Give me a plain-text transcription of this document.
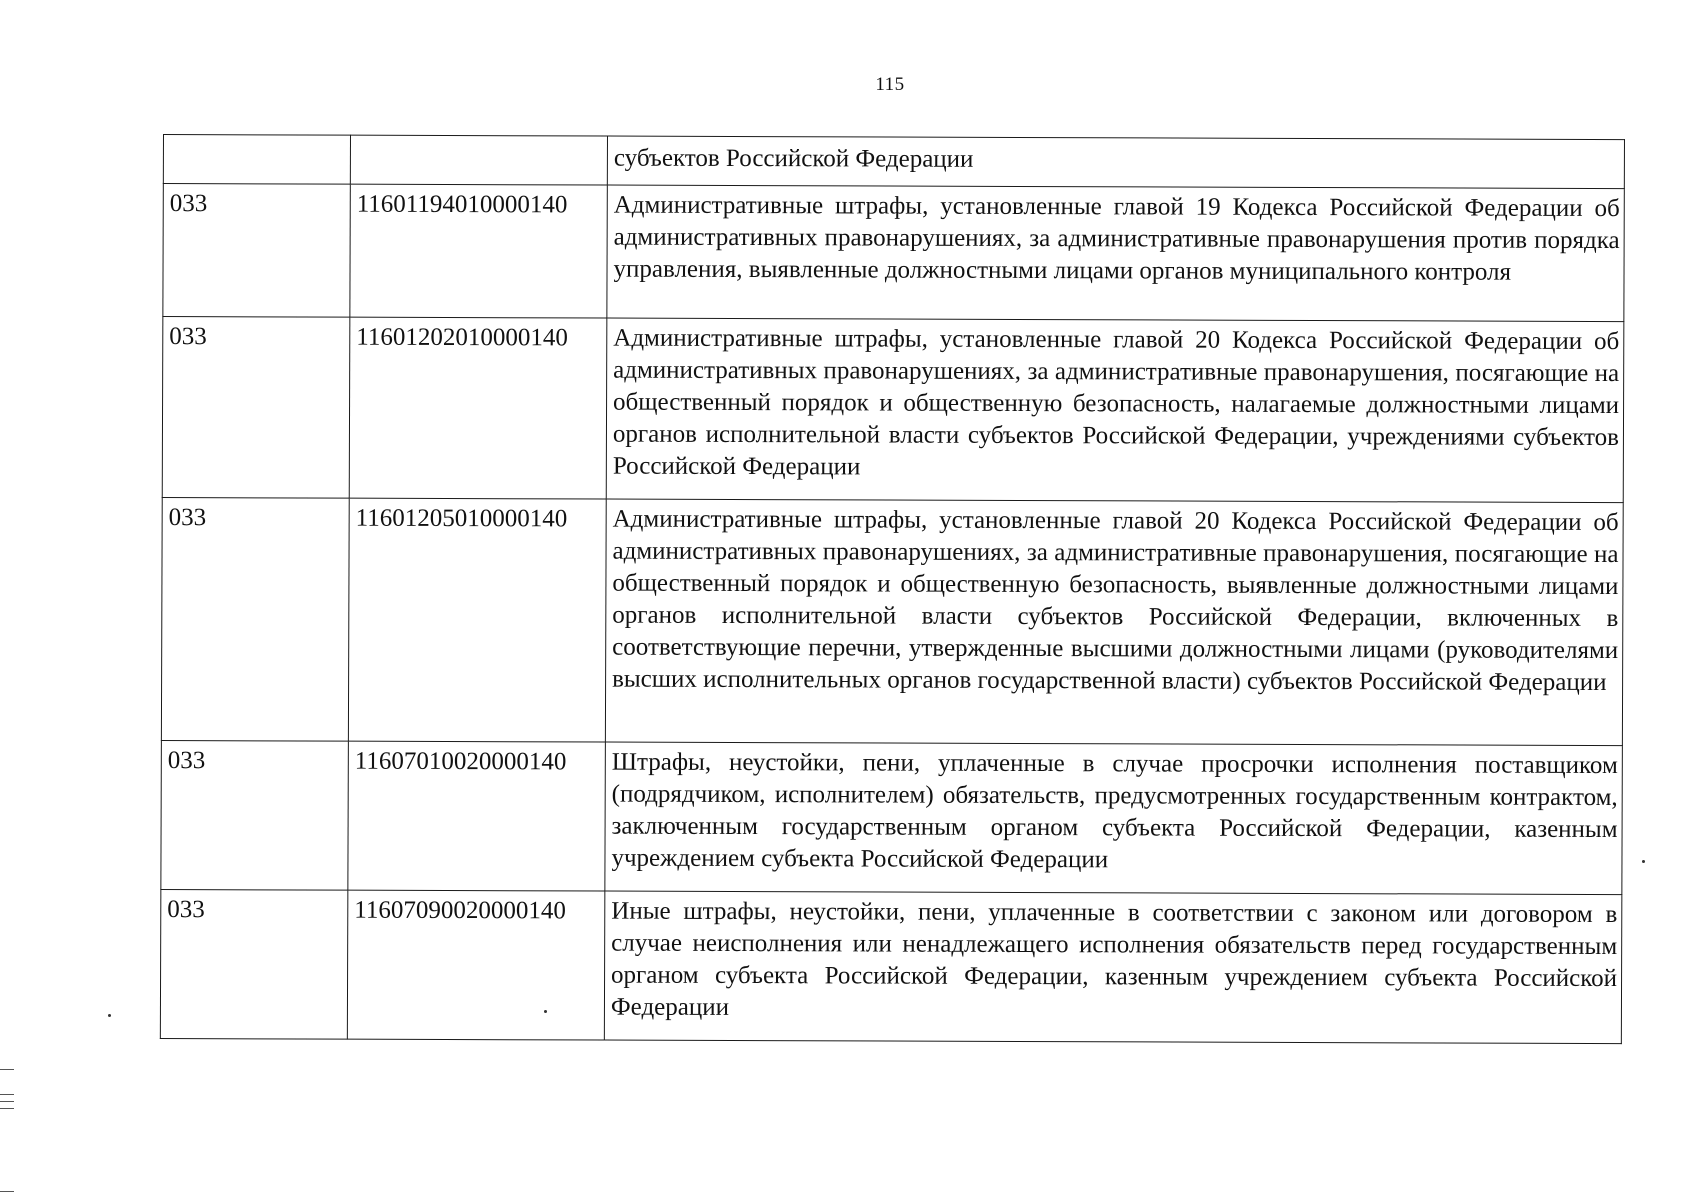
115
		субъектов Российской Федерации
033	11601194010000140	Административные штрафы, установленные главой 19 Кодекса Российской Федерации об административных правонарушениях, за административные правонарушения против порядка управления, выявленные должностными лицами органов муниципального контроля
033	11601202010000140	Административные штрафы, установленные главой 20 Кодекса Российской Федерации об административных правонарушениях, за административные правонарушения, посягающие на общественный порядок и общественную безопасность, налагаемые должностными лицами органов исполнительной власти субъектов Российской Федерации, учреждениями субъектов Российской Федерации
033	11601205010000140	Административные штрафы, установленные главой 20 Кодекса Российской Федерации об административных правонарушениях, за административные правонарушения, посягающие на общественный порядок и общественную безопасность, выявленные должностными лицами органов исполнительной власти субъектов Российской Федерации, включенных в соответствующие перечни, утвержденные высшими должностными лицами (руководителями высших исполнительных органов государственной власти) субъектов Российской Федерации
033	11607010020000140	Штрафы, неустойки, пени, уплаченные в случае просрочки исполнения поставщиком (подрядчиком, исполнителем) обязательств, предусмотренных государственным контрактом, заключенным государственным органом субъекта Российской Федерации, казенным учреждением субъекта Российской Федерации
033	11607090020000140	Иные штрафы, неустойки, пени, уплаченные в соответствии с законом или договором в случае неисполнения или ненадлежащего исполнения обязательств перед государственным органом субъекта Российской Федерации, казенным учреждением субъекта Российской Федерации
